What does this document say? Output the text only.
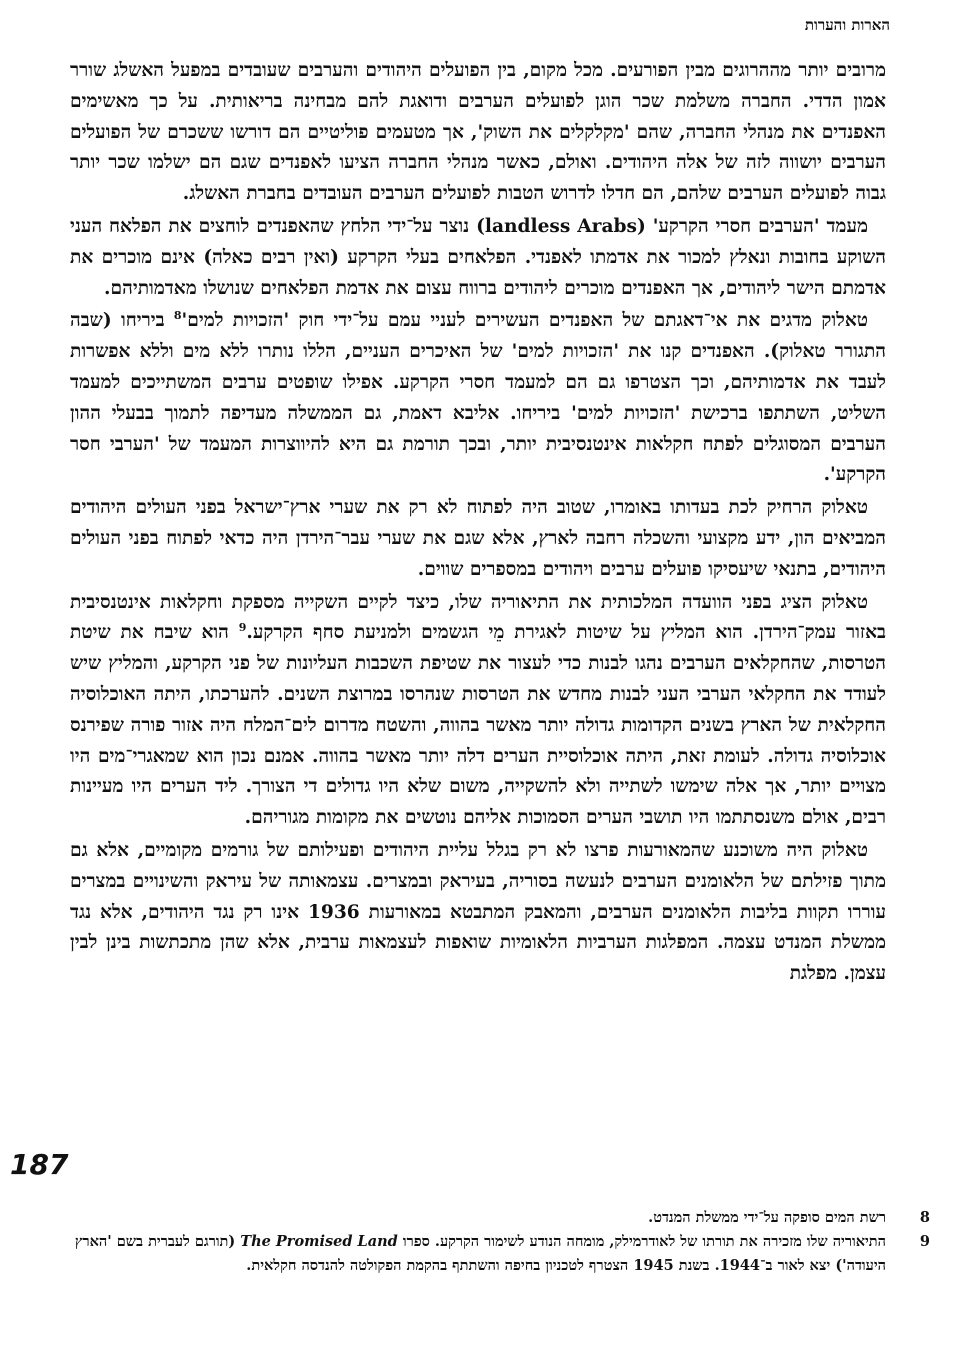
הארות והערות

מרובים יותר מההרוגים מבין הפורעים. מכל מקום, בין הפועלים היהודים והערבים שעובדים במפעל האשלג שורר אמון הדדי. החברה משלמת שכר הוגן לפועלים הערבים ודואגת להם מבחינה בריאותית. על כך מאשימים האפנדים את מנהלי החברה, שהם 'מקלקלים את השוק', אך מטעמים פוליטיים הם דורשו ששכרם של הפועלים הערבים יושווה לזה של אלה היהודים. ואולם, כאשר מנהלי החברה הציעו לאפנדים שגם הם ישלמו שכר יותר גבוה לפועלים הערבים שלהם, הם חדלו לדרוש הטבות לפועלים הערבים העובדים בחברת האשלג.

מעמד 'הערבים חסרי הקרקע' (landless Arabs) נוצר על־ידי הלחץ שהאפנדים לוחצים את הפלאח העני השוקע בחובות ונאלץ למכור את אדמתו לאפנדי. הפלאחים בעלי הקרקע (ואין רבים כאלה) אינם מוכרים את אדמתם הישר ליהודים, אך האפנדים מוכרים ליהודים ברווח עצום את אדמת הפלאחים שנושלו מאדמותיהם.

טאלוק מדגים את אי־דאגתם של האפנדים העשירים לעניי עמם על־ידי חוק 'הזכויות למים'$^8$ ביריחו (שבה התגורר טאלוק). האפנדים קנו את 'הזכויות למים' של האיכרים העניים, הללו נותרו ללא מים וללא אפשרות לעבד את אדמותיהם, וכך הצטרפו גם הם למעמד חסרי הקרקע. אפילו שופטים ערבים המשתייכים למעמד השליט, השתתפו ברכישת 'הזכויות למים' ביריחו. אליבא דאמת, גם הממשלה מעדיפה לתמוך בבעלי ההון הערבים המסוגלים לפתח חקלאות אינטנסיבית יותר, ובכך תורמת גם היא להיווצרות המעמד של 'הערבי חסר הקרקע'.

טאלוק הרחיק לכת בעדותו באומרו, שטוב היה לפתוח לא רק את שערי ארץ־ישראל בפני העולים היהודים המביאים הון, ידע מקצועי והשכלה רחבה לארץ, אלא שגם את שערי עבר־הירדן היה כדאי לפתוח בפני העולים היהודים, בתנאי שיעסיקו פועלים ערבים ויהודים במספרים שווים.

טאלוק הציג בפני הוועדה המלכותית את התיאוריה שלו, כיצד לקיים השקייה מספקת וחקלאות אינטנסיבית באזור עמק־הירדן. הוא המליץ על שיטות לאגירת מֵי הגשמים ולמניעת סחף הקרקע.$^9$ הוא שיבח את שיטת הטרסות, שהחקלאים הערבים נהגו לבנות כדי לעצור את שטיפת השכבות העליונות של פני הקרקע, והמליץ שיש לעודד את החקלאי הערבי העני לבנות מחדש את הטרסות שנהרסו במרוצת השנים. להערכתו, היתה האוכלוסיה החקלאית של הארץ בשנים הקדומות גדולה יותר מאשר בהווה, והשטח מדרום לים־המלח היה אזור פורה שפירנס אוכלוסיה גדולה. לעומת זאת, היתה אוכלוסיית הערים דלה יותר מאשר בהווה. אמנם נכון הוא שמאגרי־מים היו מצויים יותר, אך אלה שימשו לשתייה ולא להשקייה, משום שלא היו גדולים די הצורך. ליד הערים היו מעיינות רבים, אולם משנסתתמו היו תושבי הערים הסמוכות אליהם נוטשים את מקומות מגוריהם.

טאלוק היה משוכנע שהמאורעות פרצו לא רק בגלל עליית היהודים ופעילותם של גורמים מקומיים, אלא גם מתוך פזילתם של הלאומנים הערבים לנעשה בסוריה, בעיראק ובמצרים. עצמאותה של עיראק והשינויים במצרים עוררו תקוות בליבות הלאומנים הערבים, והמאבק המתבטא במאורעות 1936 אינו רק נגד היהודים, אלא נגד ממשלת המנדט עצמה. המפלגות הערביות הלאומיות שואפות לעצמאות ערבית, אלא שהן מתכתשות בינן לבין עצמן. מפלגת

187
8
רשת המים סופקה על־ידי ממשלת המנדט.
9
התיאוריה שלו מזכירה את תורתו של לאודרמילק, מומחה הנודע לשימור הקרקע. ספרו The Promised Land (תורגם לעברית בשם 'הארץ היעודה') יצא לאור ב־1944. בשנת 1945 הצטרף לטכניון בחיפה והשתתף בהקמת הפקולטה להנדסה חקלאית.
